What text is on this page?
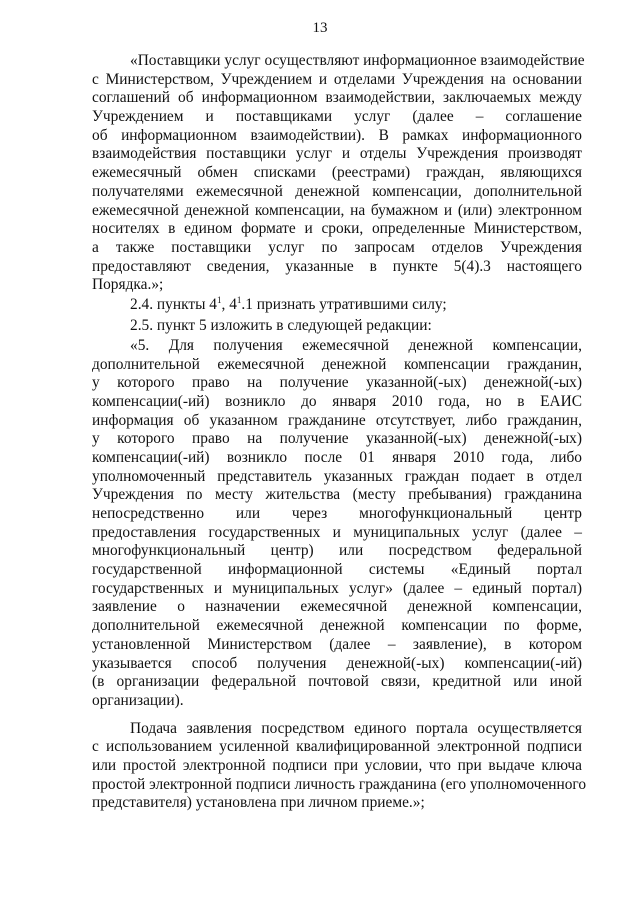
13
«Поставщики услуг осуществляют информационное взаимодействие
с Министерством, Учреждением и отделами Учреждения на основании
соглашений об информационном взаимодействии, заключаемых между
Учреждением и поставщиками услуг (далее – соглашение
об информационном взаимодействии). В рамках информационного
взаимодействия поставщики услуг и отделы Учреждения производят
ежемесячный обмен списками (реестрами) граждан, являющихся
получателями ежемесячной денежной компенсации, дополнительной
ежемесячной денежной компенсации, на бумажном и (или) электронном
носителях в едином формате и сроки, определенные Министерством,
а также поставщики услуг по запросам отделов Учреждения
предоставляют сведения, указанные в пункте 5(4).3 настоящего
Порядка.»;
2.4. пункты $4^1$, $4^1.1$ признать утратившими силу;
2.5. пункт 5 изложить в следующей редакции:
«5. Для получения ежемесячной денежной компенсации,
дополнительной ежемесячной денежной компенсации гражданин,
у которого право на получение указанной(-ых) денежной(-ых)
компенсации(-ий) возникло до января 2010 года, но в ЕАИС
информация об указанном гражданине отсутствует, либо гражданин,
у которого право на получение указанной(-ых) денежной(-ых)
компенсации(-ий) возникло после 01 января 2010 года, либо
уполномоченный представитель указанных граждан подает в отдел
Учреждения по месту жительства (месту пребывания) гражданина
непосредственно или через многофункциональный центр
предоставления государственных и муниципальных услуг (далее –
многофункциональный центр) или посредством федеральной
государственной информационной системы «Единый портал
государственных и муниципальных услуг» (далее – единый портал)
заявление о назначении ежемесячной денежной компенсации,
дополнительной ежемесячной денежной компенсации по форме,
установленной Министерством (далее – заявление), в котором
указывается способ получения денежной(-ых) компенсации(-ий)
(в организации федеральной почтовой связи, кредитной или иной
организации).
Подача заявления посредством единого портала осуществляется
с использованием усиленной квалифицированной электронной подписи
или простой электронной подписи при условии, что при выдаче ключа
простой электронной подписи личность гражданина (его уполномоченного
представителя) установлена при личном приеме.»;
